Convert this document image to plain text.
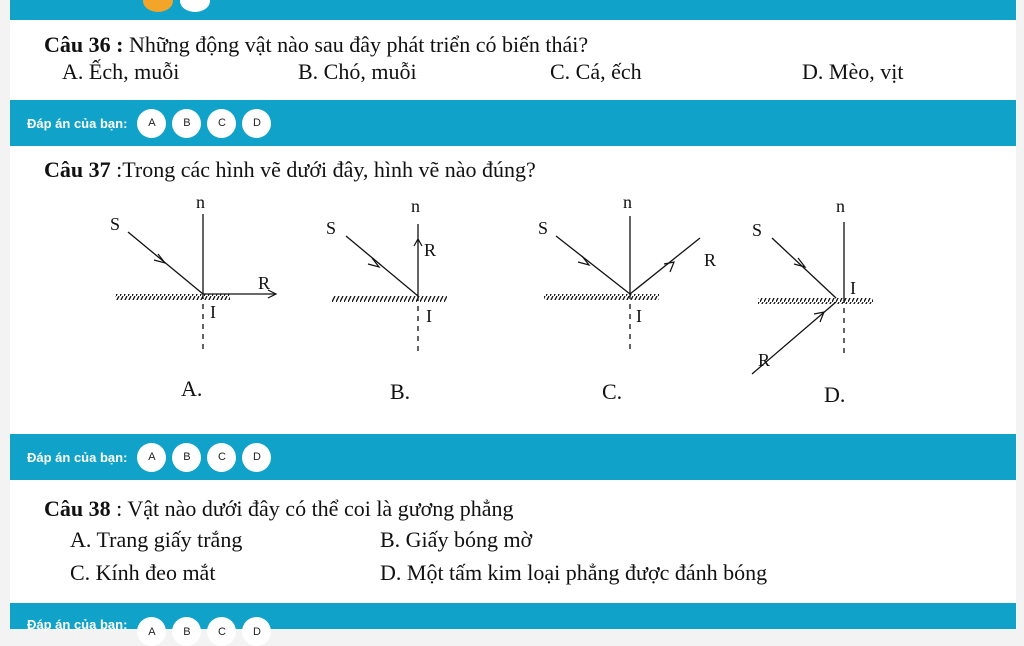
Câu 36 : Những động vật nào sau đây phát triển có biến thái?
A. Ếch, muỗi	B. Chó, muỗi	C. Cá, ếch	D. Mèo, vịt
Đáp án của bạn:	A	B	C	D
Câu 37 :Trong các hình vẽ dưới đây, hình vẽ nào đúng?
n
S
R
I
A.
n
S
R
I
B.
n
S
R
I
C.
n
S
I
R
D.
Đáp án của bạn:	A	B	C	D
Câu 38 : Vật nào dưới đây có thể coi là gương phẳng
A. Trang giấy trắng	B. Giấy bóng mờ
C. Kính đeo mắt	D. Một tấm kim loại phẳng được đánh bóng
Đáp án của bạn:	A	B	C	D
